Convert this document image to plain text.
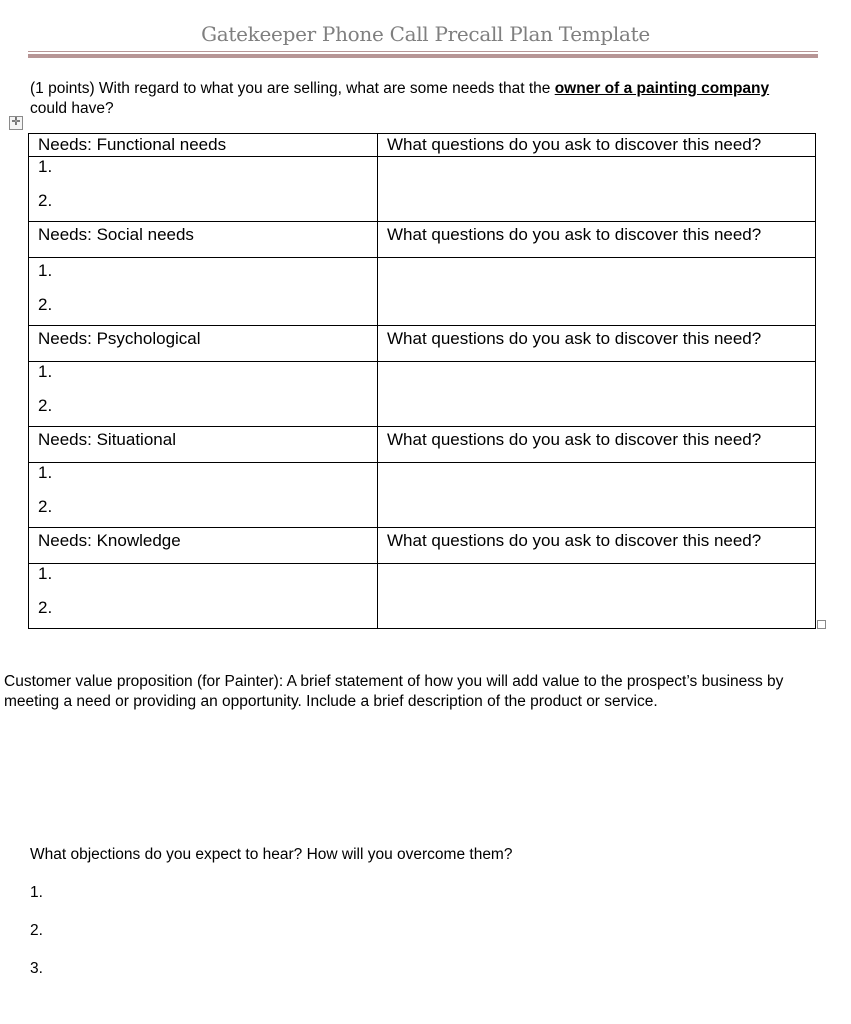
Gatekeeper Phone Call Precall Plan Template
(1 points) With regard to what you are selling, what are some needs that the owner of a painting company could have?
✛
Needs: Functional needs	What questions do you ask to discover this need?

1.
2.	

Needs: Social needs	What questions do you ask to discover this need?

1.
2.	

Needs: Psychological	What questions do you ask to discover this need?

1.
2.	

Needs: Situational	What questions do you ask to discover this need?

1.
2.	

Needs: Knowledge	What questions do you ask to discover this need?

1.
2.	

Customer value proposition (for Painter): A brief statement of how you will add value to the prospect’s business by meeting a need or providing an opportunity. Include a brief description of the product or service.
What objections do you expect to hear? How will you overcome them?
1.
2.
3.
